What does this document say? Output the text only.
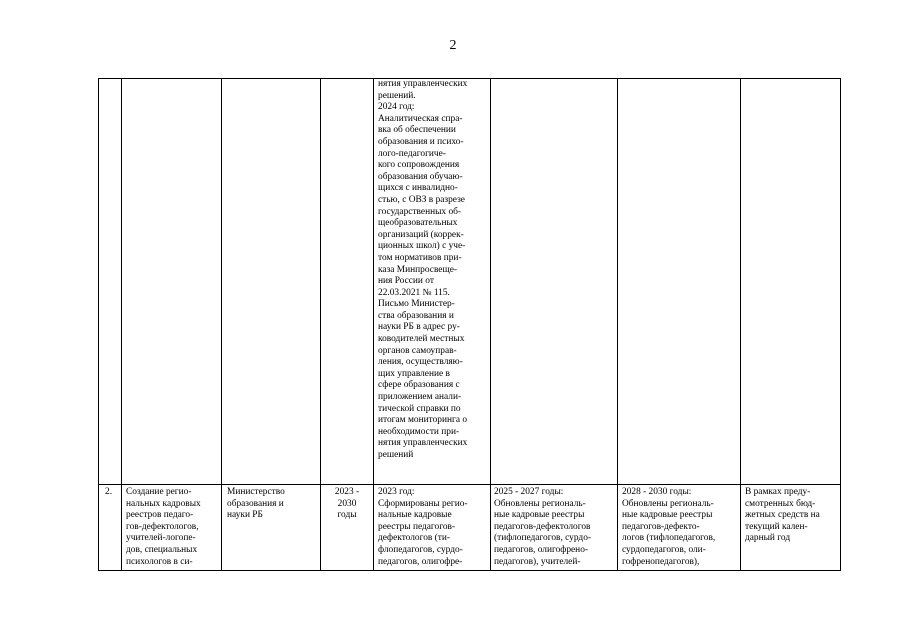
2
нятия управленческих
решений.
2024 год:
Аналитическая спра-
вка об обеспечении
образования и психо-
лого-педагогиче-
кого сопровождения
образования обучаю-
щихся с инвалидно-
стью, с ОВЗ в разрезе
государственных об-
щеобразовательных
организаций (коррек-
ционных школ) с уче-
том нормативов при-
каза Минпросвеще-
ния России от
22.03.2021 № 115.
Письмо Министер-
ства образования и
науки РБ в адрес ру-
ководителей местных
органов самоуправ-
ления, осуществляю-
щих управление в
сфере образования с
приложением анали-
тической справки по
итогам мониторинга о
необходимости при-
нятия управленческих
решений
2. Создание регио-
нальных кадровых
реестров педаго-
гов-дефектологов,
учителей-логопе-
дов, специальных
психологов в си-
Министерство
образования и
науки РБ
2023 -
2030
годы
2023 год:
Сформированы регио-
нальные кадровые
реестры педагогов-
дефектологов (ти-
флопедагогов, сурдо-
педагогов, олигофре-
2025 - 2027 годы:
Обновлены региональ-
ные кадровые реестры
педагогов-дефектологов
(тифлопедагогов, сурдо-
педагогов, олигофрено-
педагогов), учителей-
2028 - 2030 годы:
Обновлены региональ-
ные кадровые реестры
педагогов-дефекто-
логов (тифлопедагогов,
сурдопедагогов, оли-
гофренопедагогов),
В рамках преду-
смотренных бюд-
жетных средств на
текущий кален-
дарный год
